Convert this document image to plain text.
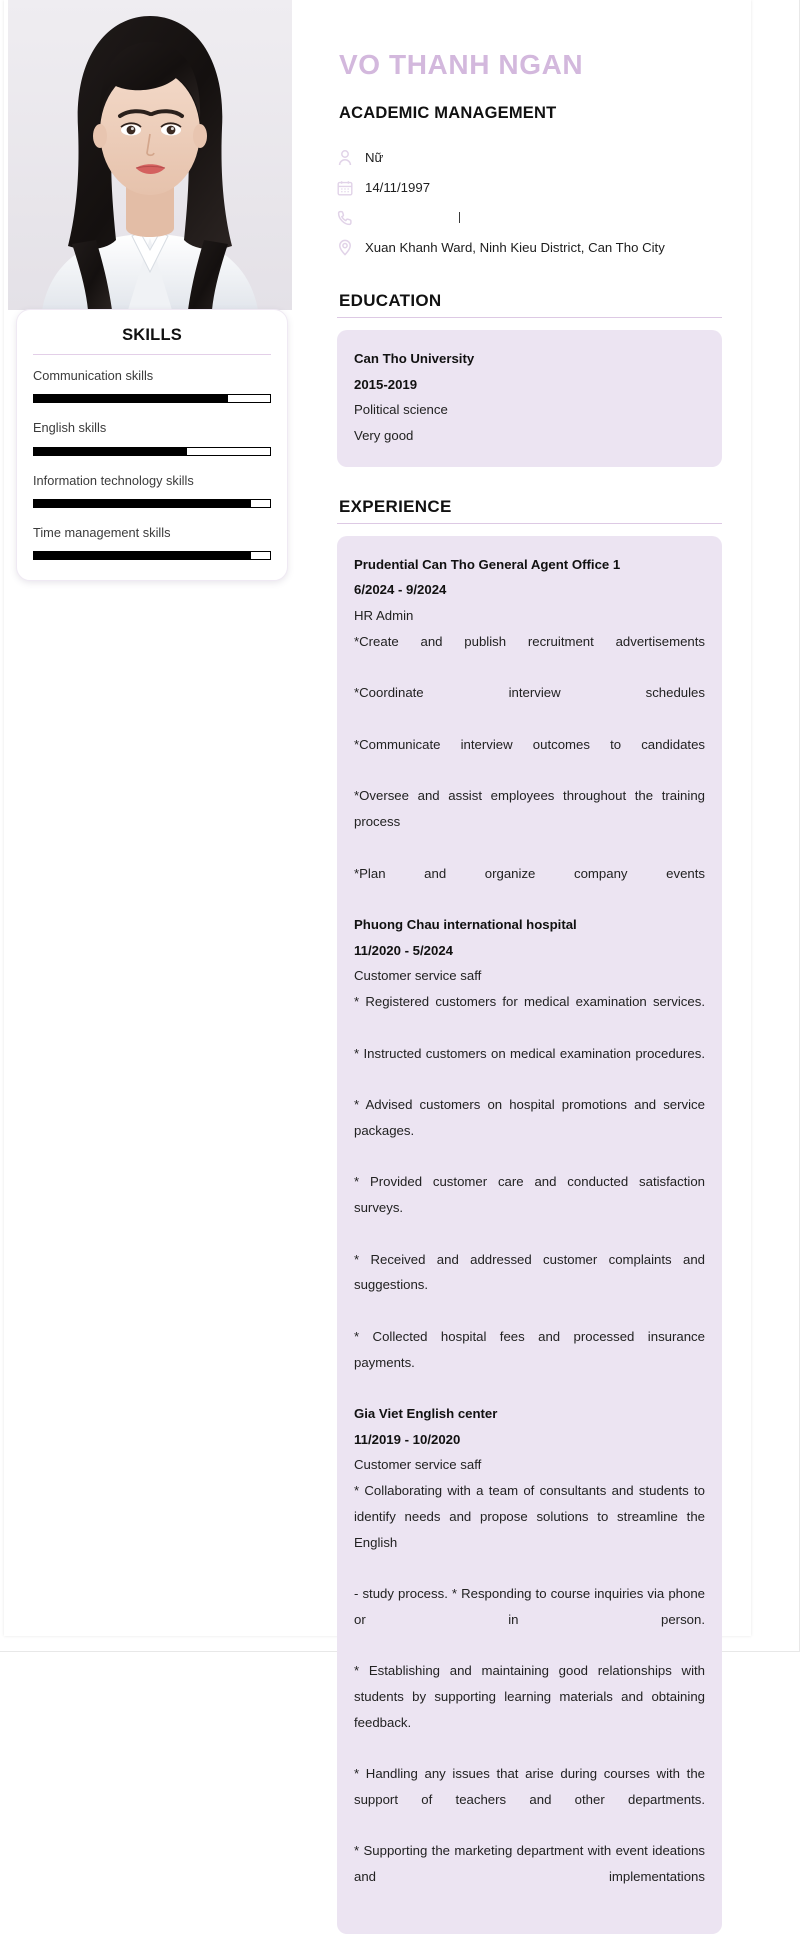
SKILLS
Communication skills
English skills
Information technology skills
Time management skills
VO THANH NGAN
ACADEMIC MANAGEMENT
Nữ
14/11/1997
Xuan Khanh Ward, Ninh Kieu District, Can Tho City
EDUCATION
Can Tho University
2015-2019
Political science
Very good
EXPERIENCE
Prudential Can Tho General Agent Office 1
6/2024 - 9/2024
HR Admin
*Create and publish recruitment advertisements
*Coordinate interview schedules
*Communicate interview outcomes to candidates
*Oversee and assist employees throughout the training process
*Plan and organize company events
Phuong Chau international hospital
11/2020 - 5/2024
Customer service saff
* Registered customers for medical examination services.
* Instructed customers on medical examination procedures.
* Advised customers on hospital promotions and service packages.
* Provided customer care and conducted satisfaction surveys.
* Received and addressed customer complaints and suggestions.
* Collected hospital fees and processed insurance payments.
Gia Viet English center
11/2019 - 10/2020
Customer service saff
* Collaborating with a team of consultants and students to identify needs and propose solutions to streamline the English
- study process. * Responding to course inquiries via phone or in person.
* Establishing and maintaining good relationships with students by supporting learning materials and obtaining feedback.
* Handling any issues that arise during courses with the support of teachers and other departments.
* Supporting the marketing department with event ideations and implementations
